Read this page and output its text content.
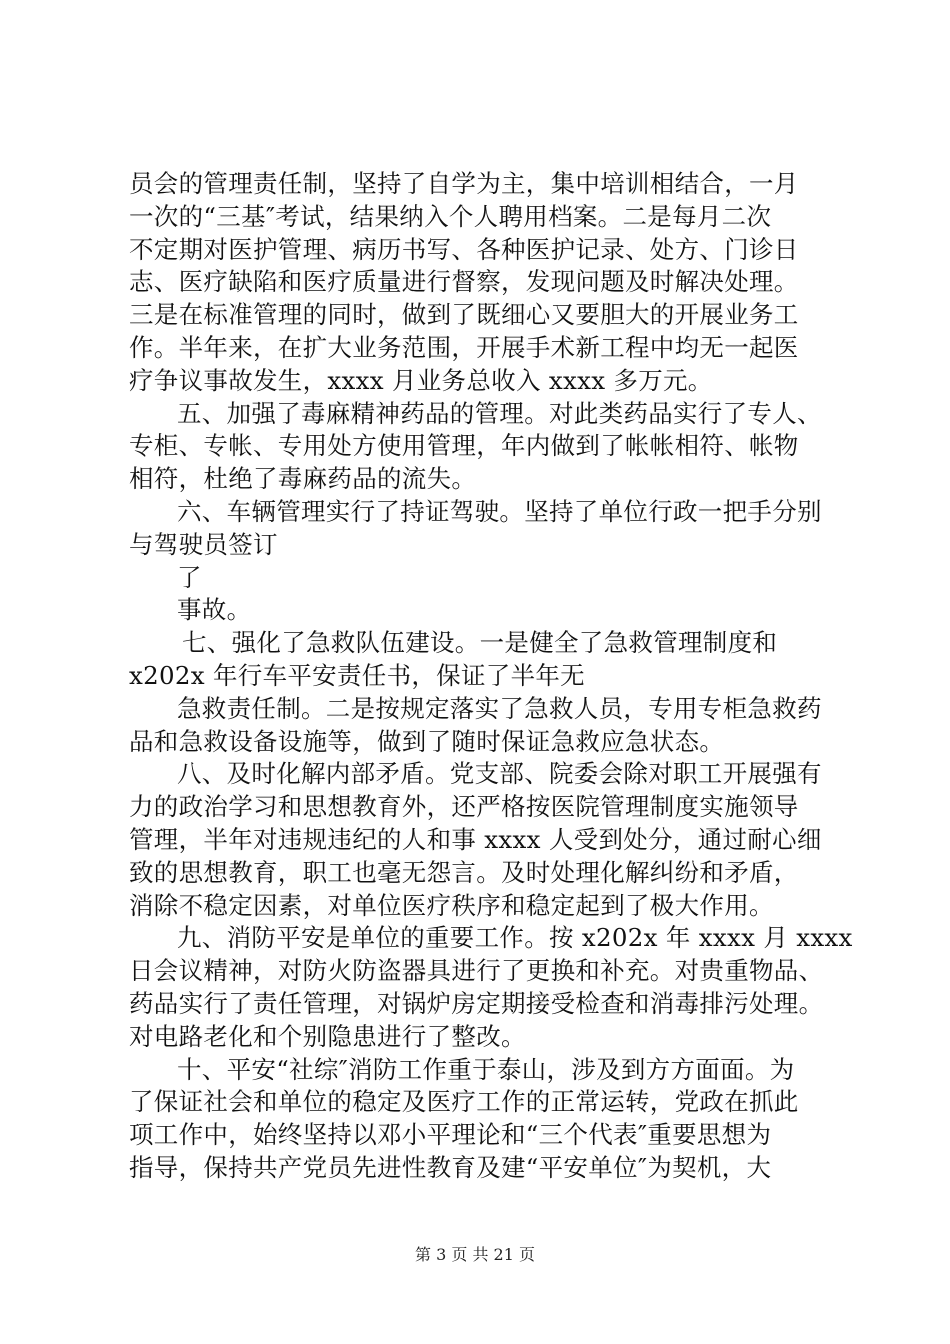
员会的管理责任制，坚持了自学为主，集中培训相结合，一月
一次的“三基″考试，结果纳入个人聘用档案。二是每月二次
不定期对医护管理、病历书写、各种医护记录、处方、门诊日
志、医疗缺陷和医疗质量进行督察，发现问题及时解决处理。
三是在标准管理的同时，做到了既细心又要胆大的开展业务工
作。半年来，在扩大业务范围，开展手术新工程中均无一起医
疗争议事故发生，xxxx 月业务总收入 xxxx 多万元。
五、加强了毒麻精神药品的管理。对此类药品实行了专人、
专柜、专帐、专用处方使用管理，年内做到了帐帐相符、帐物
相符，杜绝了毒麻药品的流失。
六、车辆管理实行了持证驾驶。坚持了单位行政一把手分别
与驾驶员签订
了
事故。
七、强化了急救队伍建设。一是健全了急救管理制度和
x202x 年行车平安责任书，保证了半年无
急救责任制。二是按规定落实了急救人员，专用专柜急救药
品和急救设备设施等，做到了随时保证急救应急状态。
八、及时化解内部矛盾。党支部、院委会除对职工开展强有
力的政治学习和思想教育外，还严格按医院管理制度实施领导
管理，半年对违规违纪的人和事 xxxx 人受到处分，通过耐心细
致的思想教育，职工也毫无怨言。及时处理化解纠纷和矛盾，
消除不稳定因素，对单位医疗秩序和稳定起到了极大作用。
九、消防平安是单位的重要工作。按 x202x 年 xxxx 月 xxxx
日会议精神，对防火防盗器具进行了更换和补充。对贵重物品、
药品实行了责任管理，对锅炉房定期接受检查和消毒排污处理。
对电路老化和个别隐患进行了整改。
十、平安“社综″消防工作重于泰山，涉及到方方面面。为
了保证社会和单位的稳定及医疗工作的正常运转，党政在抓此
项工作中，始终坚持以邓小平理论和“三个代表″重要思想为
指导，保持共产党员先进性教育及建“平安单位″为契机，大
第 3 页 共 21 页
